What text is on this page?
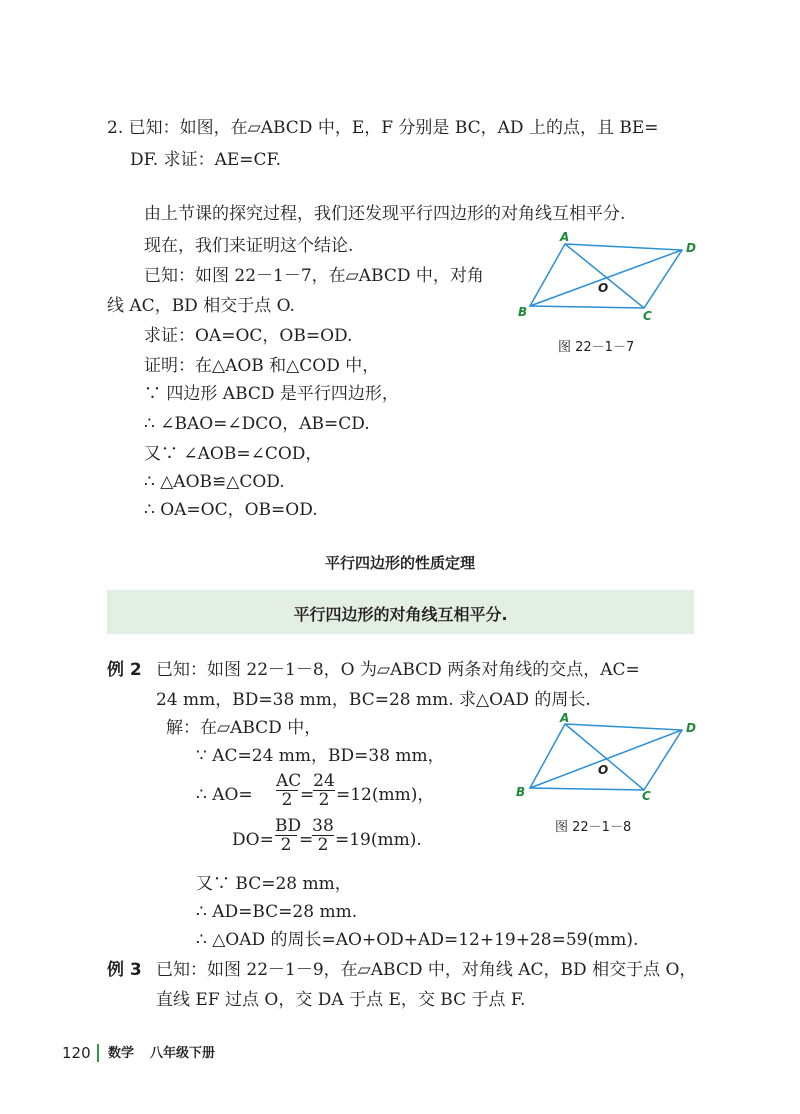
2. 已知：如图，在▱ABCD 中，E，F 分别是 BC，AD 上的点，且 BE=
DF. 求证：AE=CF.
由上节课的探究过程，我们还发现平行四边形的对角线互相平分.
现在，我们来证明这个结论.
已知：如图 22－1－7，在▱ABCD 中，对角
线 AC，BD 相交于点 O.
求证：OA=OC，OB=OD.
证明：在△AOB 和△COD 中，
∵ 四边形 ABCD 是平行四边形，
∴ ∠BAO=∠DCO，AB=CD.
又∵ ∠AOB=∠COD，
∴ △AOB≌△COD.
∴ OA=OC，OB=OD.
A
D
B	C
O
图 22－1－7
平行四边形的性质定理
平行四边形的对角线互相平分.
例 2 已知：如图 22－1－8，O 为▱ABCD 两条对角线的交点，AC=
24 mm，BD=38 mm，BC=28 mm. 求△OAD 的周长.
解：在▱ABCD 中，
∵ AC=24 mm，BD=38 mm，
∴ $AO= \frac{AC}{2}$ =
$\frac{24}{2} =12(mm)$，
$DO= \frac{BD}{2}$ =
$\frac{38}{2} =19(mm)$.
又∵ BC=28 mm，
∴ AD=BC=28 mm.
∴ △OAD 的周长=AO+OD+AD=12+19+28=59(mm).
A
D
B	C
O
图 22－1－8
例 3 已知：如图 22－1－9，在▱ABCD 中，对角线 AC，BD 相交于点 O，
直线 EF 过点 O，交 DA 于点 E，交 BC 于点 F.
120 数学 八年级下册
